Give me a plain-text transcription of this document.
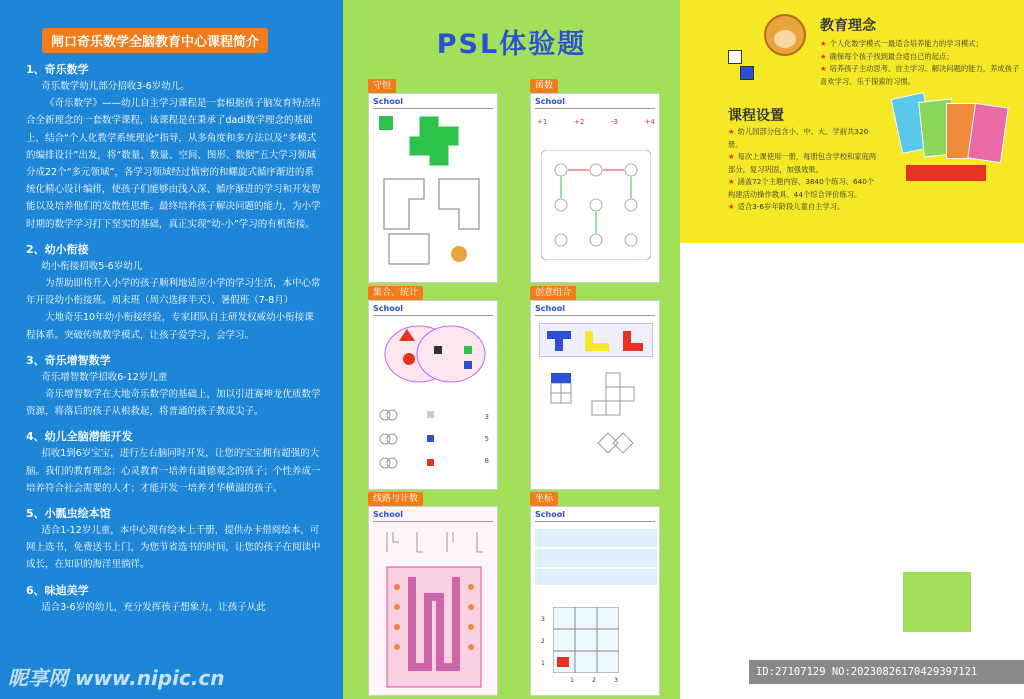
闸口奇乐数学全脑教育中心课程简介
1、奇乐数学
奇乐数学幼儿部分招收3-6岁幼儿。
《奇乐数学》——幼儿自主学习课程是一套根据孩子脑发育特点结合全新理念的一套数学课程，该课程是在秉承了dadi数学理念的基础上，结合“个人化教学系统理论”指导，从多角度和多方法以及“多模式的编排设计”出发，将“数量、数量、空间、图形、数据”五大学习领域分成22个“多元领域”，各学习领域经过慎密的和螺旋式循序渐进的系统化精心设计编排，使孩子们能够由浅入深、循序渐进的学习和开发智能以及培养他们的发散性思维。最终培养孩子解决问题的能力，为小学时期的数学学习打下坚实的基础，真正实现“幼-小”学习的有机衔接。
2、幼小衔接
幼小衔接招收5-6岁幼儿
为帮助即将升入小学的孩子顺利地适应小学的学习生活，本中心常年开设幼小衔接班。周末班（周六选择半天）、暑假班（7-8月）
大地奇乐10年幼小衔接经验，专家团队自主研发权威幼小衔接课程体系。突破传统教学模式，让孩子爱学习，会学习。
3、奇乐增智数学
奇乐增智数学招收6-12岁儿童
奇乐增智数学在大地奇乐数学的基础上，加以引进赛坤龙优质数学资源，将落后的孩子从根救起，将普通的孩子教成尖子。
4、幼儿全脑潜能开发
招收1到6岁宝宝，进行左右脑同时开发，让您的宝宝拥有超强的大脑。我们的教育理念：心灵教育一培养有道德观念的孩子；个性养成一培养符合社会需要的人才；才能开发一培养才华横溢的孩子。
5、小瓢虫绘本馆
适合1-12岁儿童，本中心现有绘本上千册，提供办卡借阅绘本，可网上选书，免费送书上门，为您节省选书的时间，让您的孩子在阅读中成长，在知识的海洋里徜徉。
6、味迪美学
适合3-6岁的幼儿，充分发挥孩子想象力，让孩子从此
昵享网 www.nipic.cn
PSL体验题
守恒
School
函数
School
+1	+2	-3	+4
集合、统计
School
3
5
8
创意组合
School
线路与计数
School
坐标
School
3
2
1
1	2	3
教育理念
★ 个人化数学模式一最适合培养能力的学习模式；
★ 确保每个孩子找到最合适自己的起点；
★ 培养孩子主动思考、自主学习、解决问题的能力，养成孩子喜欢学习、乐于探索的习惯。
课程设置
★ 幼儿园部分包含小、中、大、学前共320册。
★ 每次上课使用一册，每册包含学校和家庭两部分，复习巩固，加强效果。
★ 涵盖72个主题内容、3840个练习、640个构建活动操作教具、44个综合评价练习。
★ 适合3-6岁年龄段儿童自主学习。
ID:27107129 NO:20230826170429397121
